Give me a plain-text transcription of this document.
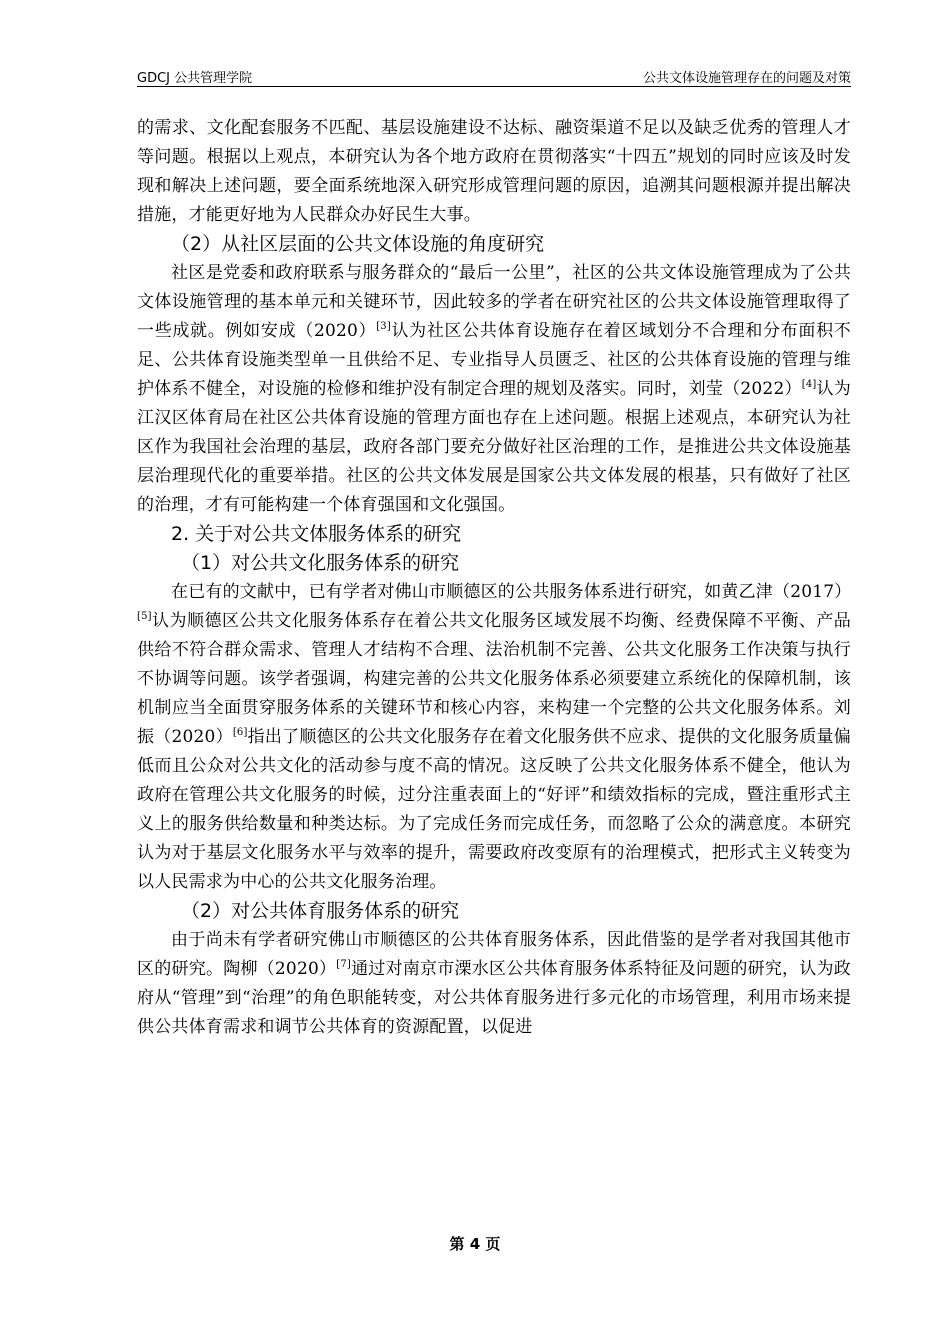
GDCJ 公共管理学院	公共文体设施管理存在的问题及对策

的需求、文化配套服务不匹配、基层设施建设不达标、融资渠道不足以及缺乏优秀的管理人才等问题。根据以上观点，本研究认为各个地方政府在贯彻落实“十四五”规划的同时应该及时发现和解决上述问题，要全面系统地深入研究形成管理问题的原因，追溯其问题根源并提出解决措施，才能更好地为人民群众办好民生大事。

（2）从社区层面的公共文体设施的角度研究

社区是党委和政府联系与服务群众的“最后一公里”，社区的公共文体设施管理成为了公共文体设施管理的基本单元和关键环节，因此较多的学者在研究社区的公共文体设施管理取得了一些成就。例如安成（2020）[3]认为社区公共体育设施存在着区域划分不合理和分布面积不足、公共体育设施类型单一且供给不足、专业指导人员匮乏、社区的公共体育设施的管理与维护体系不健全，对设施的检修和维护没有制定合理的规划及落实。同时，刘莹（2022）[4]认为江汉区体育局在社区公共体育设施的管理方面也存在上述问题。根据上述观点，本研究认为社区作为我国社会治理的基层，政府各部门要充分做好社区治理的工作，是推进公共文体设施基层治理现代化的重要举措。社区的公共文体发展是国家公共文体发展的根基，只有做好了社区的治理，才有可能构建一个体育强国和文化强国。

2. 关于对公共文体服务体系的研究
（1）对公共文化服务体系的研究

在已有的文献中，已有学者对佛山市顺德区的公共服务体系进行研究，如黄乙津（2017）[5]认为顺德区公共文化服务体系存在着公共文化服务区域发展不均衡、经费保障不平衡、产品供给不符合群众需求、管理人才结构不合理、法治机制不完善、公共文化服务工作决策与执行不协调等问题。该学者强调，构建完善的公共文化服务体系必须要建立系统化的保障机制，该机制应当全面贯穿服务体系的关键环节和核心内容，来构建一个完整的公共文化服务体系。刘振（2020）[6]指出了顺德区的公共文化服务存在着文化服务供不应求、提供的文化服务质量偏低而且公众对公共文化的活动参与度不高的情况。这反映了公共文化服务体系不健全，他认为政府在管理公共文化服务的时候，过分注重表面上的“好评”和绩效指标的完成，暨注重形式主义上的服务供给数量和种类达标。为了完成任务而完成任务，而忽略了公众的满意度。本研究认为对于基层文化服务水平与效率的提升，需要政府改变原有的治理模式，把形式主义转变为以人民需求为中心的公共文化服务治理。

（2）对公共体育服务体系的研究

由于尚未有学者研究佛山市顺德区的公共体育服务体系，因此借鉴的是学者对我国其他市区的研究。陶柳（2020）[7]通过对南京市溧水区公共体育服务体系特征及问题的研究，认为政府从“管理”到“治理”的角色职能转变，对公共体育服务进行多元化的市场管理，利用市场来提供公共体育需求和调节公共体育的资源配置，以促进

第 4 页
